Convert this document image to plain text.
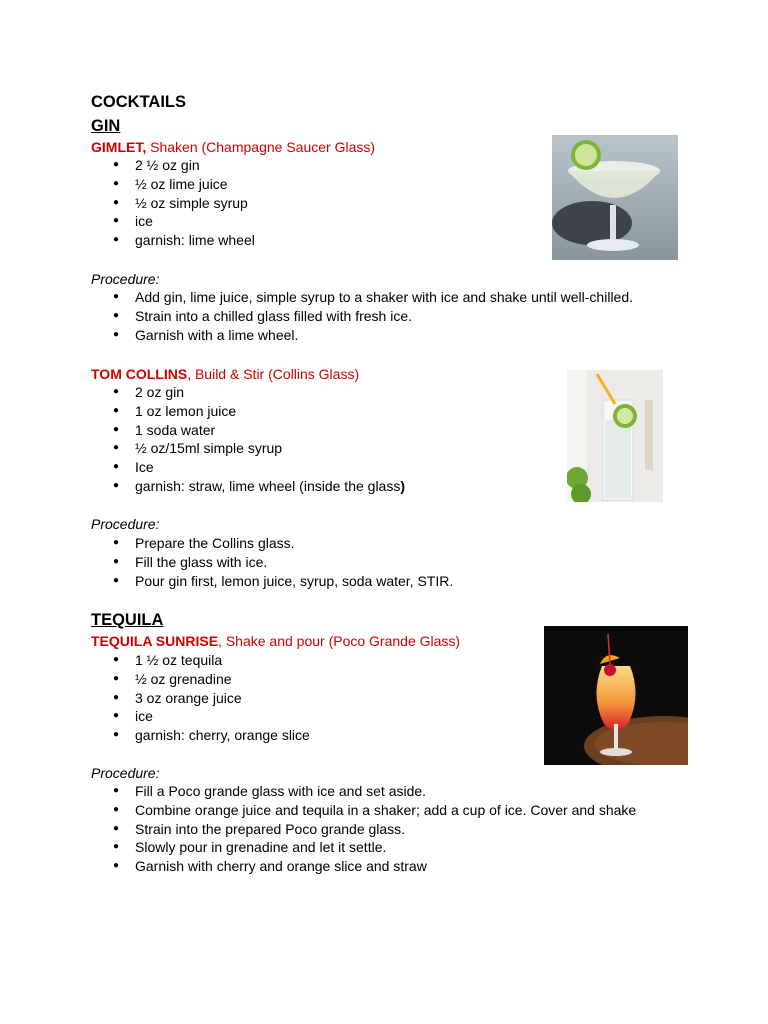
COCKTAILS
GIN
GIMLET, Shaken (Champagne Saucer Glass)
● 2 ½ oz gin
● ½ oz lime juice
● ½ oz simple syrup
● ice
● garnish: lime wheel
Procedure:
● Add gin, lime juice, simple syrup to a shaker with ice and shake until well-chilled.
● Strain into a chilled glass filled with fresh ice.
● Garnish with a lime wheel.
TOM COLLINS, Build & Stir (Collins Glass)
● 2 oz gin
● 1 oz lemon juice
● 1 soda water
● ½ oz/15ml simple syrup
● Ice
● garnish: straw, lime wheel (inside the glass)
Procedure:
● Prepare the Collins glass.
● Fill the glass with ice.
● Pour gin first, lemon juice, syrup, soda water, STIR.
TEQUILA
TEQUILA SUNRISE, Shake and pour (Poco Grande Glass)
● 1 ½ oz tequila
● ½ oz grenadine
● 3 oz orange juice
● ice
● garnish: cherry, orange slice
Procedure:
● Fill a Poco grande glass with ice and set aside.
● Combine orange juice and tequila in a shaker; add a cup of ice. Cover and shake
● Strain into the prepared Poco grande glass.
● Slowly pour in grenadine and let it settle.
● Garnish with cherry and orange slice and straw
